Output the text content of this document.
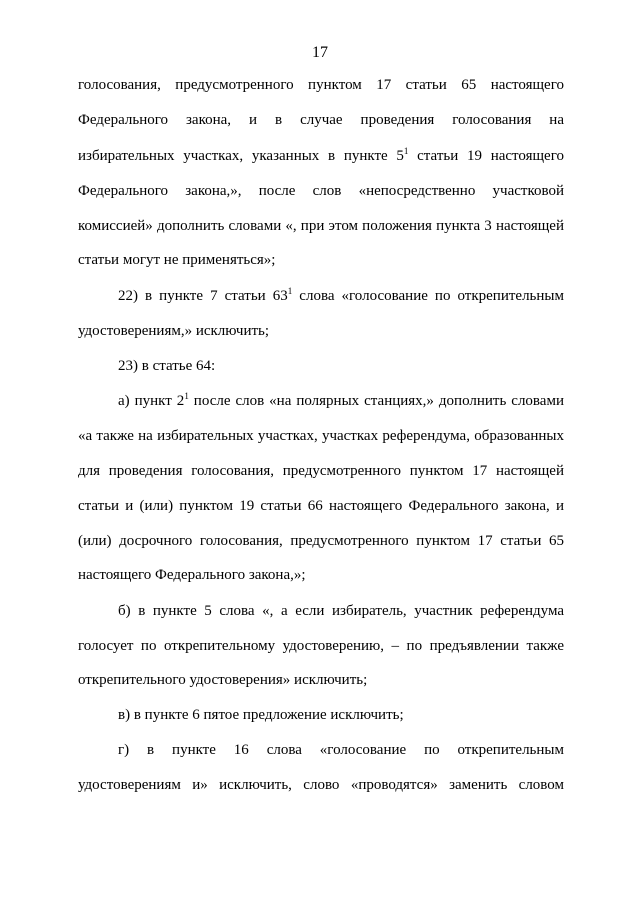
17
голосования, предусмотренного пунктом 17 статьи 65 настоящего
Федерального закона, и в случае проведения голосования на
избирательных участках, указанных в пункте $5^1$ статьи 19 настоящего
Федерального закона,», после слов «непосредственно участковой
комиссией» дополнить словами «, при этом положения пункта 3 настоящей
статьи могут не применяться»;
22) в пункте 7 статьи $63^1$ слова «голосование по открепительным
удостоверениям,» исключить;
23) в статье 64:
а) пункт $2^1$ после слов «на полярных станциях,» дополнить словами
«а также на избирательных участках, участках референдума, образованных
для проведения голосования, предусмотренного пунктом 17 настоящей
статьи и (или) пунктом 19 статьи 66 настоящего Федерального закона, и
(или) досрочного голосования, предусмотренного пунктом 17 статьи 65
настоящего Федерального закона,»;
б) в пункте 5 слова «, а если избиратель, участник референдума
голосует по открепительному удостоверению, – по предъявлении также
открепительного удостоверения» исключить;
в) в пункте 6 пятое предложение исключить;
г) в пункте 16 слова «голосование по открепительным
удостоверениям и» исключить, слово «проводятся» заменить словом
